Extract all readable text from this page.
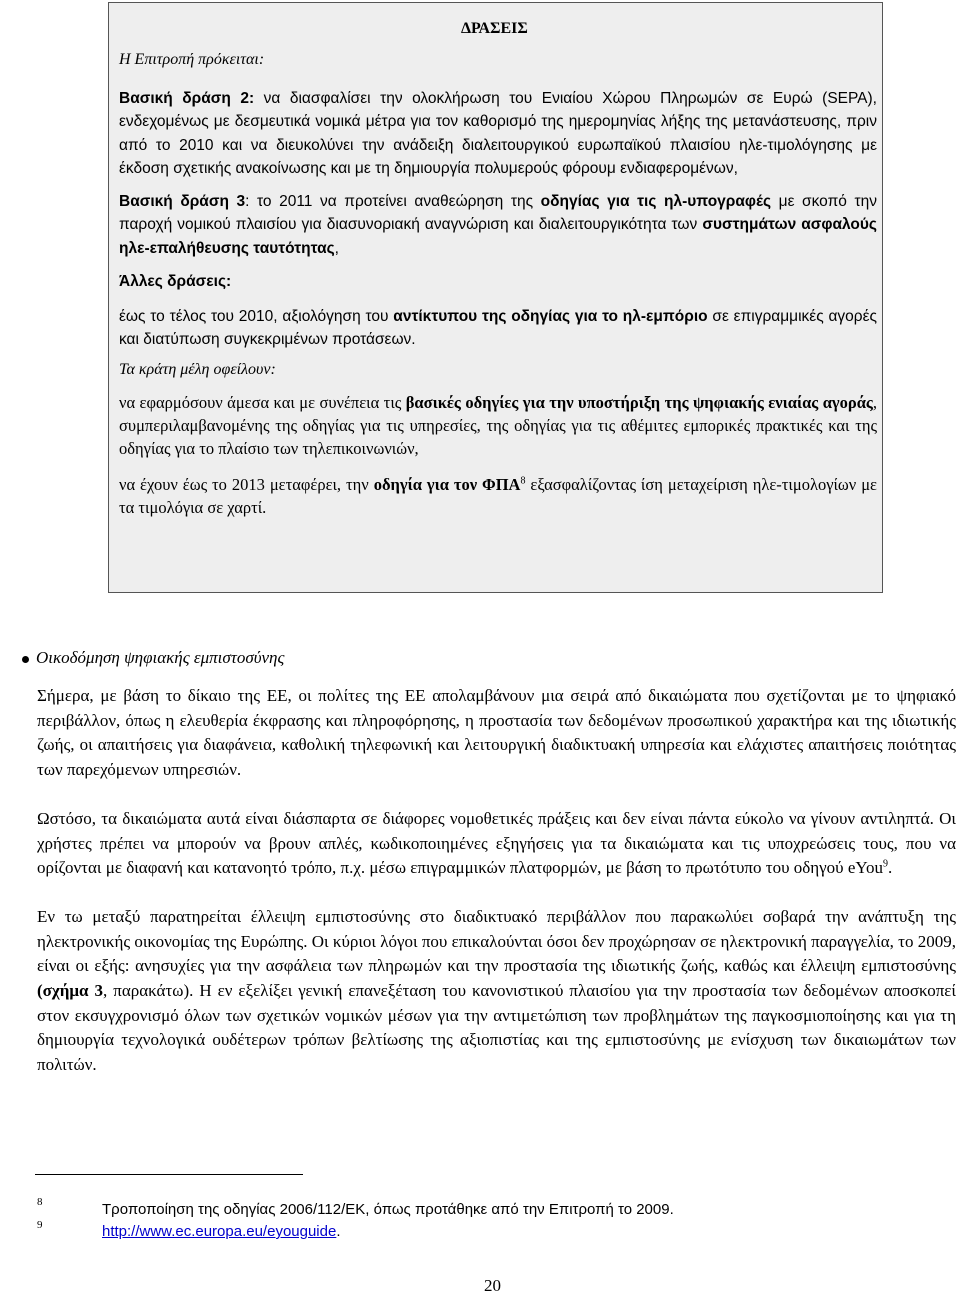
Η Επιτροπή πρόκειται:
ΔΡΑΣΕΙΣ

Βασική δράση 2: να διασφαλίσει την ολοκλήρωση του Ενιαίου Χώρου Πληρωμών σε Ευρώ (SEPA), ενδεχομένως με δεσμευτικά νομικά μέτρα για τον καθορισμό της ημερομηνίας λήξης της μετανάστευσης, πριν από το 2010 και να διευκολύνει την ανάδειξη διαλειτουργικού ευρωπαϊκού πλαισίου ηλε-τιμολόγησης με έκδοση σχετικής ανακοίνωσης και με τη δημιουργία πολυμερούς φόρουμ ενδιαφερομένων,

Βασική δράση 3: το 2011 να προτείνει αναθεώρηση της οδηγίας για τις ηλ-υπογραφές με σκοπό την παροχή νομικού πλαισίου για διασυνοριακή αναγνώριση και διαλειτουργικότητα των συστημάτων ασφαλούς ηλε-επαλήθευσης ταυτότητας,

Άλλες δράσεις:

έως το τέλος του 2010, αξιολόγηση του αντίκτυπου της οδηγίας για το ηλ-εμπόριο σε επιγραμμικές αγορές και διατύπωση συγκεκριμένων προτάσεων.

Τα κράτη μέλη οφείλουν:

να εφαρμόσουν άμεσα και με συνέπεια τις βασικές οδηγίες για την υποστήριξη της ψηφιακής ενιαίας αγοράς, συμπεριλαμβανομένης της οδηγίας για τις υπηρεσίες, της οδηγίας για τις αθέμιτες εμπορικές πρακτικές και της οδηγίας για το πλαίσιο των τηλεπικοινωνιών,

να έχουν έως το 2013 μεταφέρει, την οδηγία για τον ΦΠΑ$^8$ εξασφαλίζοντας ίση μεταχείριση ηλε-τιμολογίων με τα τιμολόγια σε χαρτί.

Οικοδόμηση ψηφιακής εμπιστοσύνης

Σήμερα, με βάση το δίκαιο της ΕΕ, οι πολίτες της ΕΕ απολαμβάνουν μια σειρά από δικαιώματα που σχετίζονται με το ψηφιακό περιβάλλον, όπως η ελευθερία έκφρασης και πληροφόρησης, η προστασία των δεδομένων προσωπικού χαρακτήρα και της ιδιωτικής ζωής, οι απαιτήσεις για διαφάνεια, καθολική τηλεφωνική και λειτουργική διαδικτυακή υπηρεσία και ελάχιστες απαιτήσεις ποιότητας των παρεχόμενων υπηρεσιών.

Ωστόσο, τα δικαιώματα αυτά είναι διάσπαρτα σε διάφορες νομοθετικές πράξεις και δεν είναι πάντα εύκολο να γίνουν αντιληπτά. Οι χρήστες πρέπει να μπορούν να βρουν απλές, κωδικοποιημένες εξηγήσεις για τα δικαιώματα και τις υποχρεώσεις τους, που να ορίζονται με διαφανή και κατανοητό τρόπο, π.χ. μέσω επιγραμμικών πλατφορμών, με βάση το πρωτότυπο του οδηγού eYou$^9$.

Εν τω μεταξύ παρατηρείται έλλειψη εμπιστοσύνης στο διαδικτυακό περιβάλλον που παρακωλύει σοβαρά την ανάπτυξη της ηλεκτρονικής οικονομίας της Ευρώπης. Οι κύριοι λόγοι που επικαλούνται όσοι δεν προχώρησαν σε ηλεκτρονική παραγγελία, το 2009, είναι οι εξής: ανησυχίες για την ασφάλεια των πληρωμών και την προστασία της ιδιωτικής ζωής, καθώς και έλλειψη εμπιστοσύνης (σχήμα 3, παρακάτω). Η εν εξελίξει γενική επανεξέταση του κανονιστικού πλαισίου για την προστασία των δεδομένων αποσκοπεί στον εκσυγχρονισμό όλων των σχετικών νομικών μέσων για την αντιμετώπιση των προβλημάτων της παγκοσμιοποίησης και για τη δημιουργία τεχνολογικά ουδέτερων τρόπων βελτίωσης της αξιοπιστίας και της εμπιστοσύνης με ενίσχυση των δικαιωμάτων των πολιτών.

8	Τροποποίηση της οδηγίας 2006/112/ΕΚ, όπως προτάθηκε από την Επιτροπή το 2009.
9	http://www.ec.europa.eu/eyouguide.
20
